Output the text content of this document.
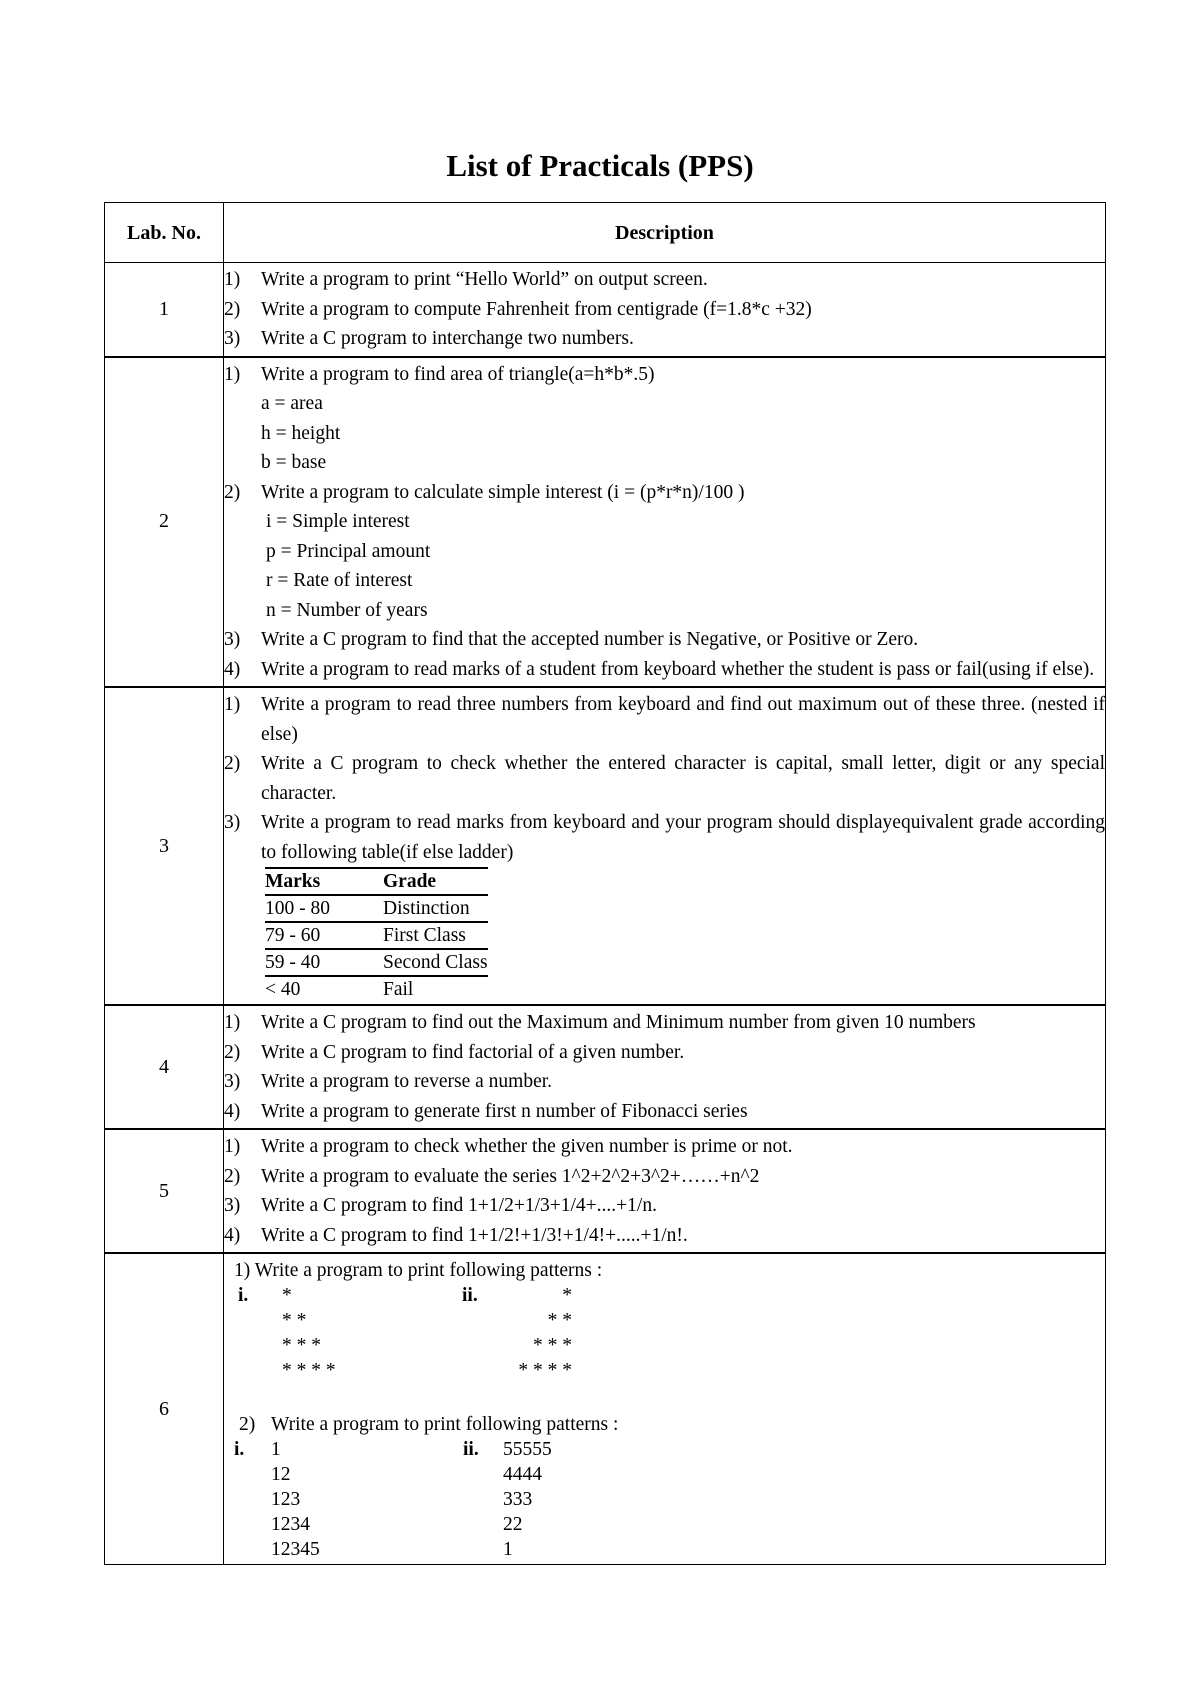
List of Practicals (PPS)
Lab. No.	Description
1	
1)	Write a program to print “Hello World” on output screen.
2)	Write a program to compute Fahrenheit from centigrade (f=1.8*c +32)
3)	Write a C program to interchange two numbers.

2	
1)	Write a program to find area of triangle(a=h*b*.5)
a = area
h = height
b = base
2)	Write a program to calculate simple interest (i = (p*r*n)/100 )
i = Simple interest
p = Principal amount
r = Rate of interest
n = Number of years
3)	Write a C program to find that the accepted number is Negative, or Positive or Zero.
4)	Write a program to read marks of a student from keyboard whether the student is pass or fail(using if else).

3	
1)	Write a program to read three numbers from keyboard and find out maximum out of these three. (nested if else)
2)	Write a C program to check whether the entered character is capital, small letter, digit or any special character.
3)	Write a program to read marks from keyboard and your program should displayequivalent grade according to following table(if else ladder)
Marks	Grade
100 - 80	Distinction
79 - 60	First Class
59 - 40	Second Class
< 40	Fail

4	
1)	Write a C program to find out the Maximum and Minimum number from given 10 numbers
2)	Write a C program to find factorial of a given number.
3)	Write a program to reverse a number.
4)	Write a program to generate first n number of Fibonacci series

5	
1)	Write a program to check whether the given number is prime or not.
2)	Write a program to evaluate the series 1^2+2^2+3^2+……+n^2
3)	Write a C program to find 1+1/2+1/3+1/4+....+1/n.
4)	Write a C program to find 1+1/2!+1/3!+1/4!+.....+1/n!.

6	
1) Write a program to print following patterns :
i.	*
* *
* * *
* * * *
ii.	*
* *
* * *
* * * *
2) Write a program to print following patterns :
i.	1
12
123
1234
12345
ii.	55555
4444
333
22
1
